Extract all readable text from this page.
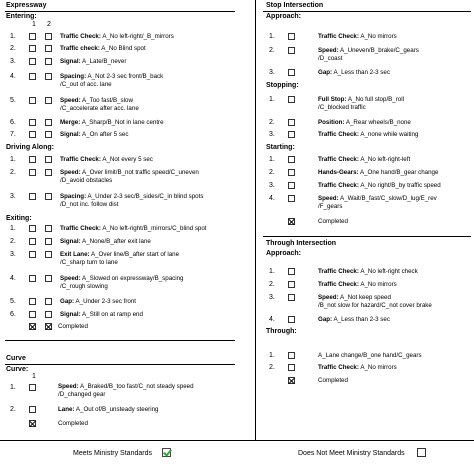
Expressway
Entering:
1 2
1.	Traffic Check: A_No left-right/_B_mirrors
2.	Traffic check: A_No Blind spot
3.	Signal: A_Late/B_never
4.	Spacing: A_Not 2-3 sec front/B_back
/C_out of acc. lane
5.	Speed: A_Too fast/B_slow
/C_accelerate after acc. lane
6.	Merge: A_Sharp/B_Not in lane centre
7.	Signal: A_On after 5 sec
Driving Along:
1.	Traffic Check: A_Not every 5 sec
2.	Speed: A_Over limit/B_not traffic speed/C_uneven
/D_avoid obstacles
3.	Spacing: A_Under 2-3 sec/B_sides/C_in blind spots
/D_not inc. follow dist
Exiting:
1.	Traffic Check: A_No left-right/B_mirrors/C_blind spot
2.	Signal: A_None/B_after exit lane
3.	Exit Lane: A_Over line/B_after start of lane
/C_sharp turn to lane
4.	Speed: A_Slowed on expressway/B_spacing
/C_rough slowing
5.	Gap: A_Under 2-3 sec front
6.	Signal: A_Still on at ramp end
Completed
Curve
Curve:
1
1.	Speed: A_Braked/B_too fast/C_not steady speed
/D_changed gear
2.	Lane: A_Out of/B_unsteady steering
Completed
Stop Intersection
Approach:
1.	Traffic Check: A_No mirrors
2.	Speed: A_Uneven/B_brake/C_gears
/D_coast
3.	Gap: A_Less than 2-3 sec
Stopping:
1.	Full Stop: A_No full stop/B_roll
/C_blocked traffic
2.	Position: A_Rear wheels/B_none
3.	Traffic Check: A_none while waiting
Starting:
1.	Traffic Check: A_No left-right-left
2.	Hands-Gears: A_One hand/B_gear change
3.	Traffic Check: A_No right/B_by traffic speed
4.	Speed: A_Wait/B_fast/C_slow/D_lug/E_rev
/F_gears
Completed
Through Intersection
Approach:
1.	Traffic Check: A_No left-right check
2.	Traffic Check: A_No mirrors
3.	Speed: A_Not keep speed
/B_not slow for hazard/C_not cover brake
4.	Gap: A_Less than 2-3 sec
Through:
1.	A_Lane change/B_one hand/C_gears
2.	Traffic Check: A_No mirrors
Completed
Meets Ministry Standards	Does Not Meet Ministry Standards
